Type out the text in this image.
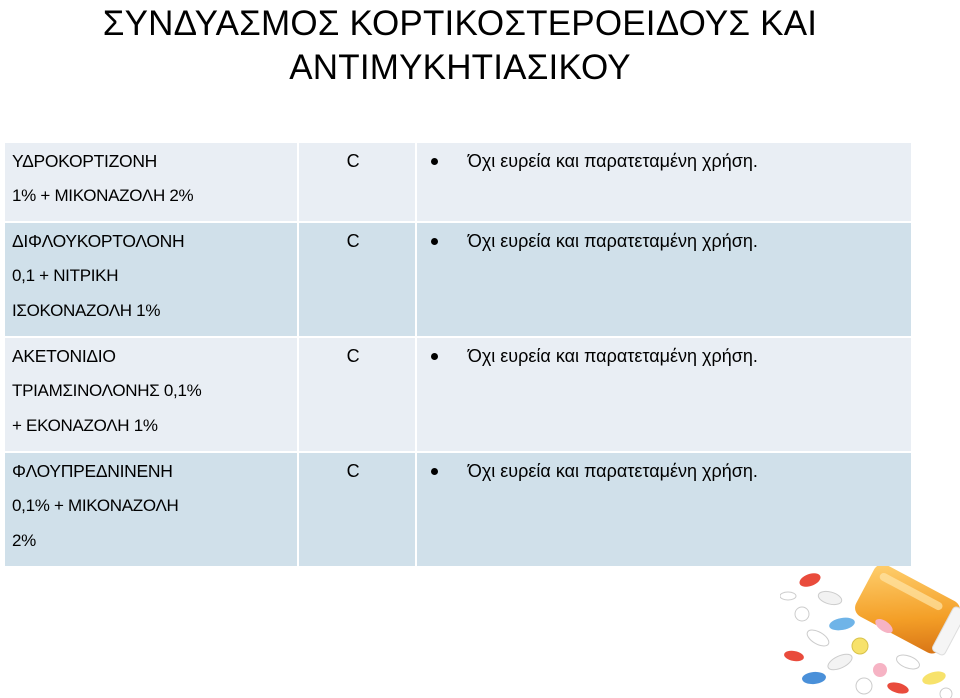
ΣΥΝΔΥΑΣΜΟΣ ΚΟΡΤΙΚΟΣΤΕΡΟΕΙΔΟΥΣ ΚΑΙ
ΑΝΤΙΜΥΚΗΤΙΑΣΙΚΟΥ
ΥΔΡΟΚΟΡΤΙΖΟΝΗ
1% + ΜΙΚΟΝΑΖΟΛΗ 2%	C	Όχι ευρεία και παρατεταμένη χρήση.

ΔΙΦΛΟΥΚΟΡΤΟΛΟΝΗ
0,1 + ΝΙΤΡΙΚΗ
ΙΣΟΚΟΝΑΖΟΛΗ 1%	C	Όχι ευρεία και παρατεταμένη χρήση.

ΑΚΕΤΟΝΙΔΙΟ
ΤΡΙΑΜΣΙΝΟΛΟΝΗΣ 0,1%
+ ΕΚΟΝΑΖΟΛΗ 1%	C	Όχι ευρεία και παρατεταμένη χρήση.

ΦΛΟΥΠΡΕΔΝΙΝΕΝΗ
0,1% + ΜΙΚΟΝΑΖΟΛΗ
2%	C	Όχι ευρεία και παρατεταμένη χρήση.
